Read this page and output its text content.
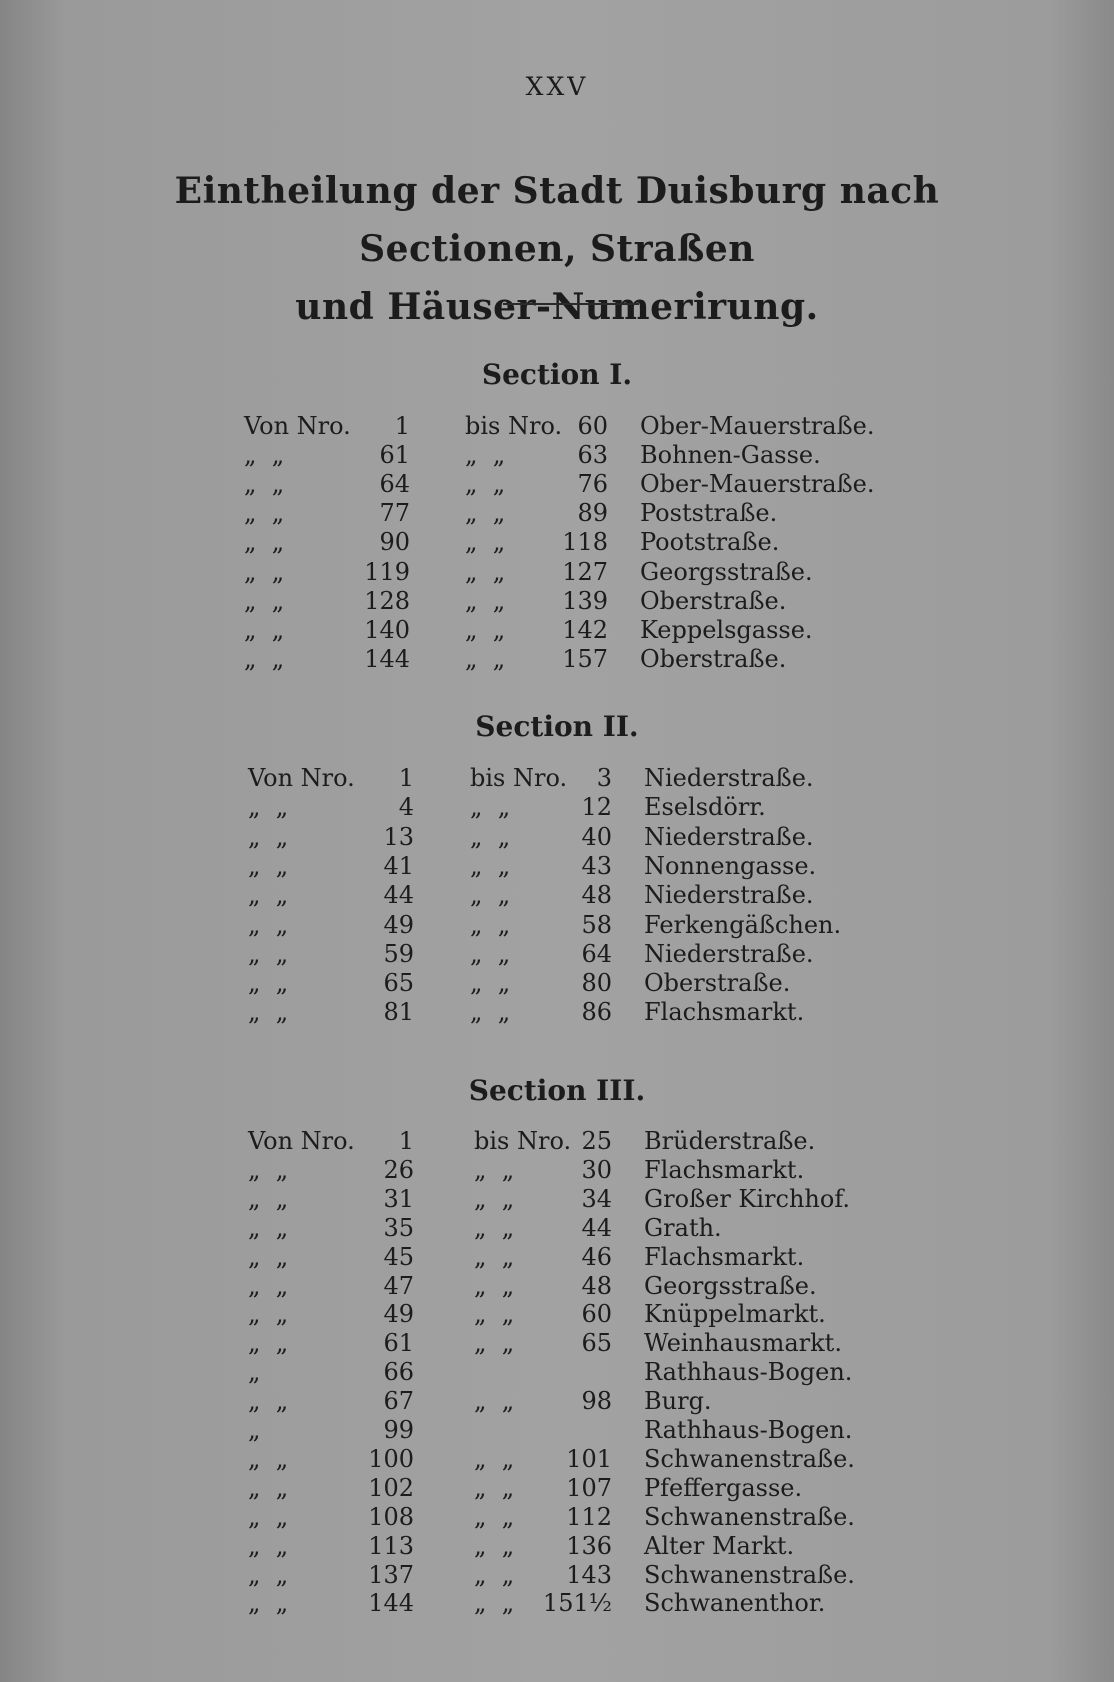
XXV
Eintheilung der Stadt Duisburg nach Sectionen, Straßen
und Häuser-Numerirung.
Section I.
Section II.
Section III.
Von Nro. 1 bis Nro. 60 Ober-Mauerstraße.
„  „	61 „  „	63 Bohnen-Gasse.
„  „	64 „  „	76 Ober-Mauerstraße.
„  „	77 „  „	89 Poststraße.
„  „	90 „  „ 118 Pootstraße.
„  „	119 „  „ 127 Georgsstraße.
„  „	128 „  „ 139 Oberstraße.
„  „	140 „  „ 142 Keppelsgasse.
„  „	144 „  „ 157 Oberstraße.
Von Nro. 1 bis Nro. 3 Niederstraße.
„  „	4 „  „	12 Eselsdörr.
„  „	13 „  „	40 Niederstraße.
„  „	41 „  „	43 Nonnengasse.
„  „	44 „  „	48 Niederstraße.
„  „	49 „  „	58 Ferkengäßchen.
„  „	59 „  „	64 Niederstraße.
„  „	65 „  „	80 Oberstraße.
„  „	81 „  „	86 Flachsmarkt.
Von Nro. 1	bis Nro. 25 Brüderstraße.
„  „	26	„  „	30 Flachsmarkt.
„  „	31	„  „	34 Großer Kirchhof.
„  „	35	„  „	44 Grath.
„  „	45	„  „	46 Flachsmarkt.
„  „	47	„  „	48 Georgsstraße.
„  „	49	„  „	60 Knüppelmarkt.
„  „	61	„  „	65 Weinhausmarkt.
„	66	Rathhaus-Bogen.
„  „	67	„  „	98 Burg.
„	99	Rathhaus-Bogen.
„  „	100	„  „ 101 Schwanenstraße.
„  „	102	„  „ 107 Pfeffergasse.
„  „	108	„  „ 112 Schwanenstraße.
„  „	113	„  „ 136 Alter Markt.
„  „	137	„  „ 143 Schwanenstraße.
„  „	144	„  „ 151½ Schwanenthor.
